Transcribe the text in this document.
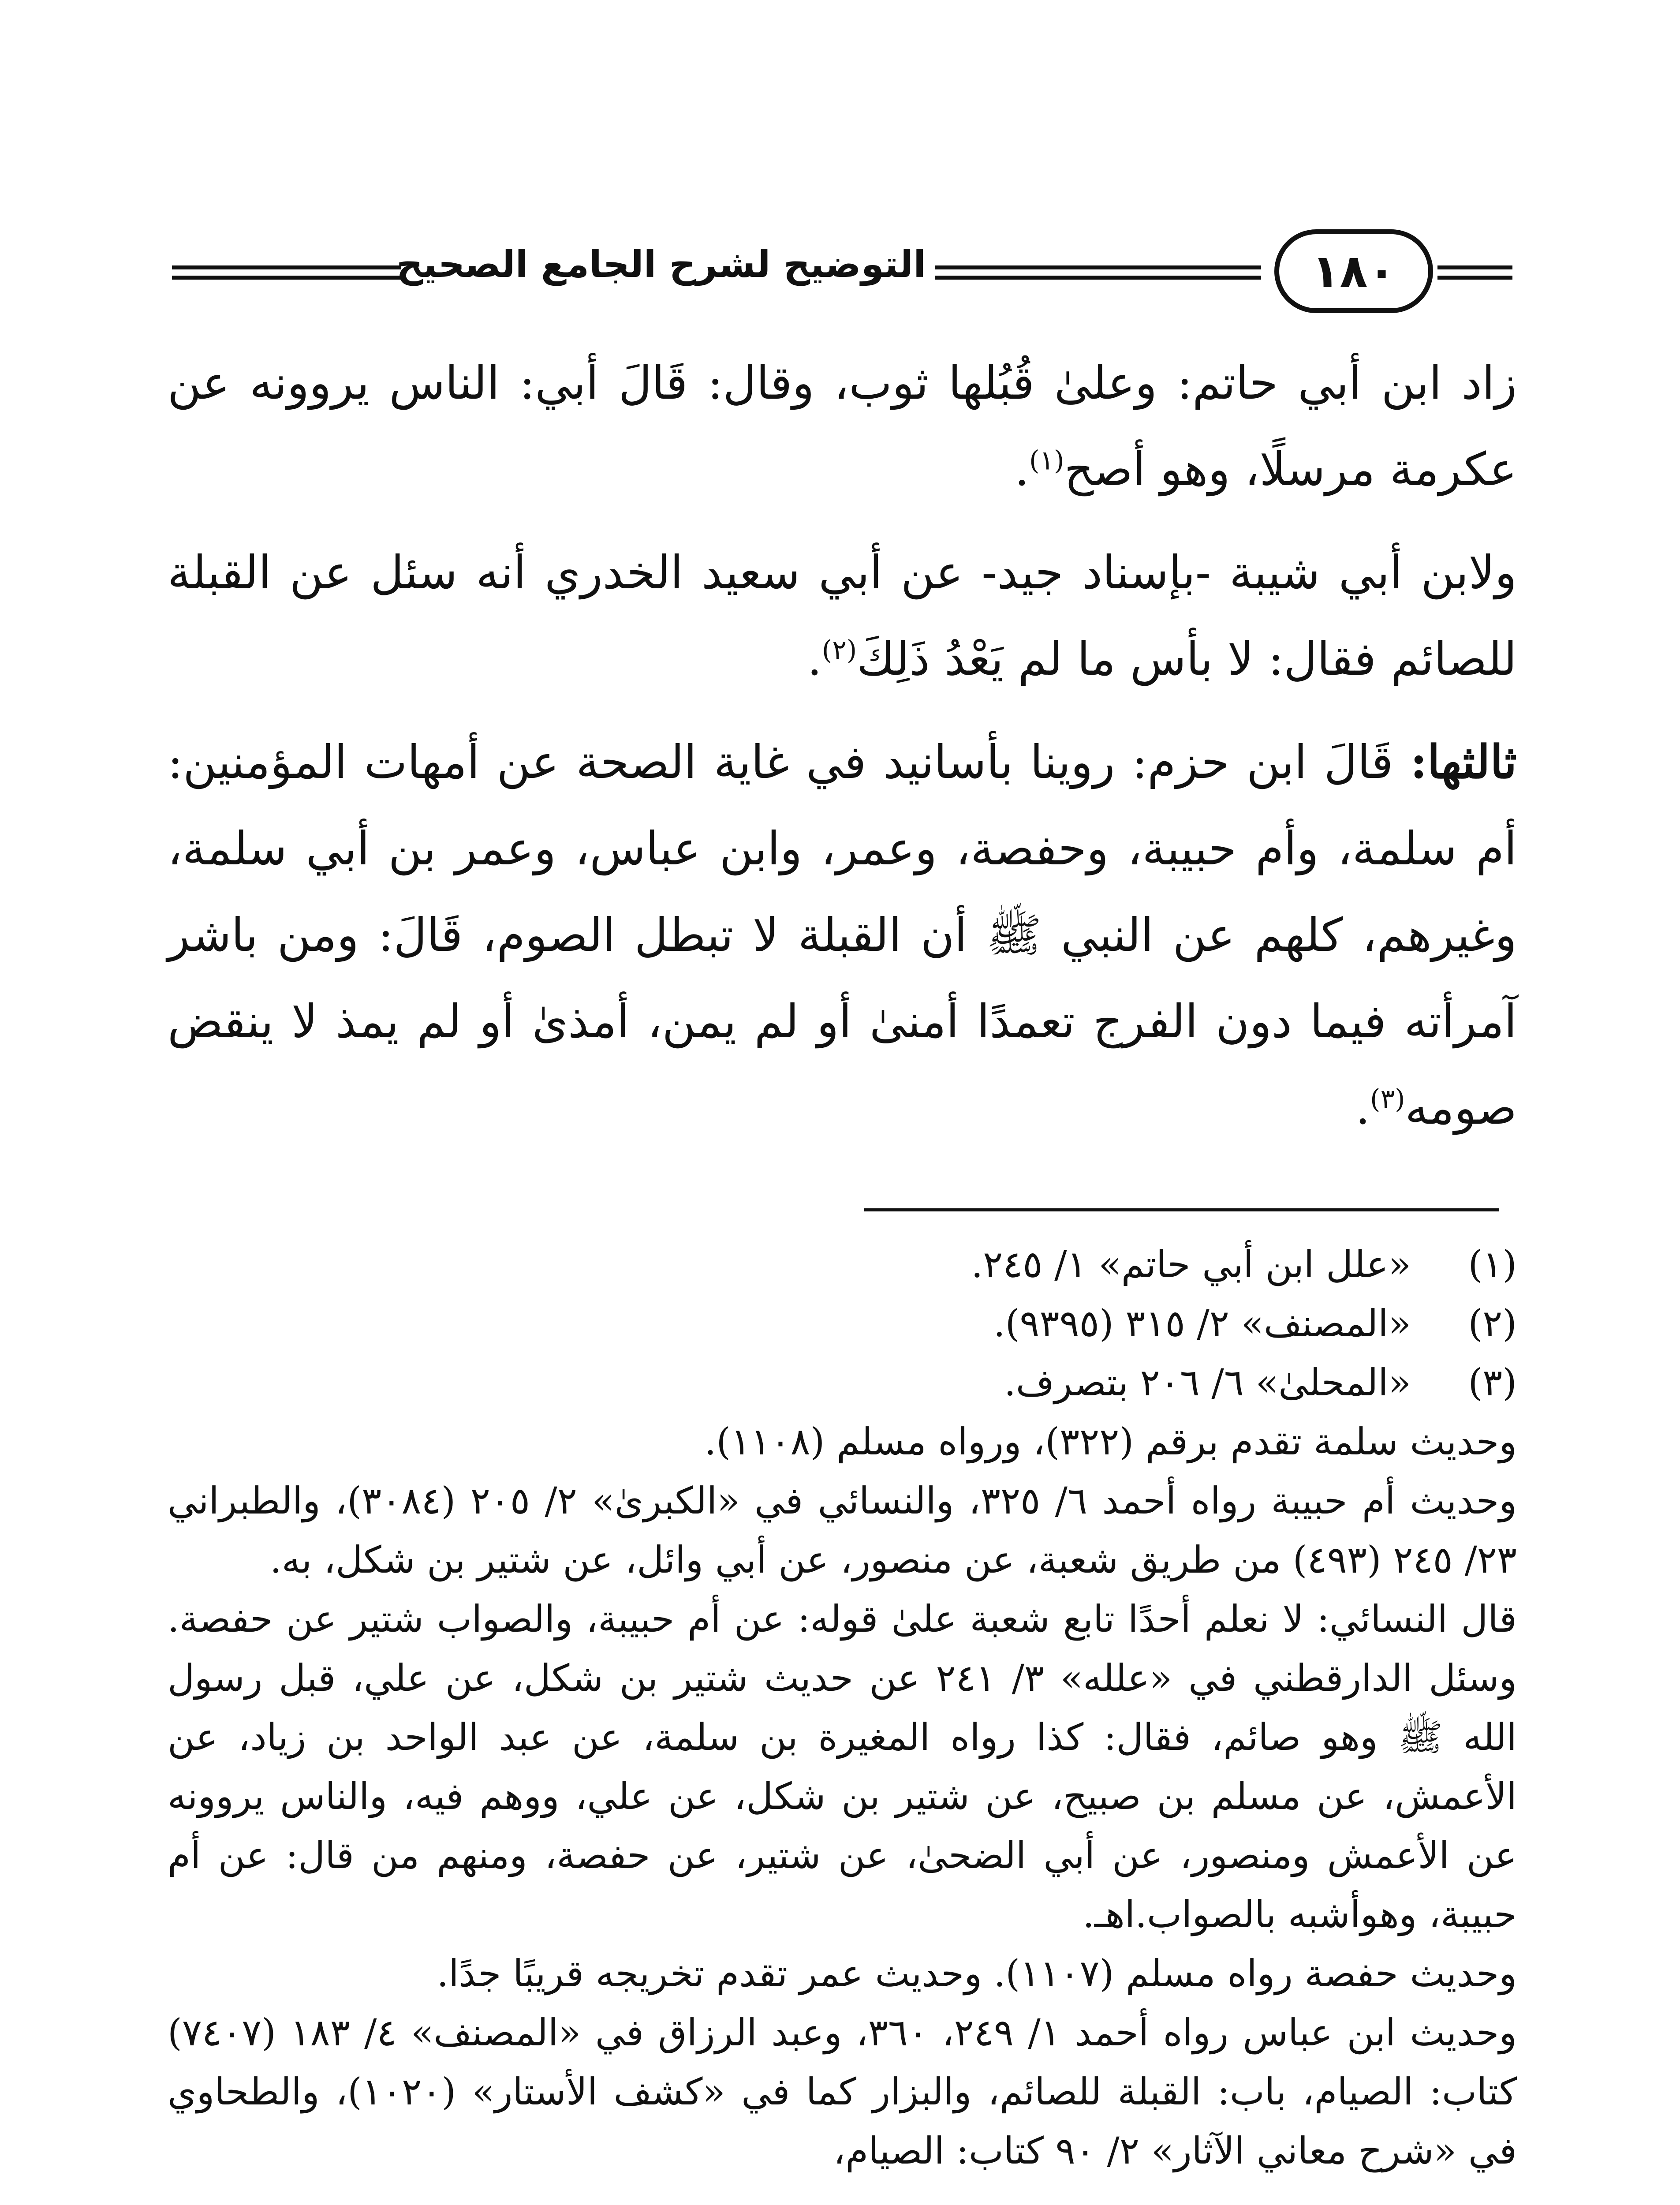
التوضيح لشرح الجامع الصحيح	١٨٠

زاد ابن أبي حاتم: وعلىٰ قُبُلها ثوب، وقال: قَالَ أبي: الناس يروونه عن عكرمة مرسلًا، وهو أصح$^{(١)}$.

ولابن أبي شيبة -بإسناد جيد- عن أبي سعيد الخدري أنه سئل عن القبلة للصائم فقال: لا بأس ما لم يَعْدُ ذَلِكَ$^{(٢)}$.

ثالثها: قَالَ ابن حزم: روينا بأسانيد في غاية الصحة عن أمهات المؤمنين: أم سلمة، وأم حبيبة، وحفصة، وعمر، وابن عباس، وعمر بن أبي سلمة، وغيرهم، كلهم عن النبي ﷺ أن القبلة لا تبطل الصوم، قَالَ: ومن باشر آمرأته فيما دون الفرج تعمدًا أمنىٰ أو لم يمن، أمذىٰ أو لم يمذ لا ينقض صومه$^{(٣)}$.

(١)
«علل ابن أبي حاتم» ١/ ٢٤٥.
(٢)
«المصنف» ٢/ ٣١٥ (٩٣٩٥).
(٣)
«المحلىٰ» ٦/ ٢٠٦ بتصرف.

وحديث سلمة تقدم برقم (٣٢٢)، ورواه مسلم (١١٠٨).

وحديث أم حبيبة رواه أحمد ٦/ ٣٢٥، والنسائي في «الكبرىٰ» ٢/ ٢٠٥ (٣٠٨٤)، والطبراني ٢٣/ ٢٤٥ (٤٩٣) من طريق شعبة، عن منصور، عن أبي وائل، عن شتير بن شكل، به.

قال النسائي: لا نعلم أحدًا تابع شعبة علىٰ قوله: عن أم حبيبة، والصواب شتير عن حفصة. وسئل الدارقطني في «علله» ٣/ ٢٤١ عن حديث شتير بن شكل، عن علي، قبل رسول الله ﷺ وهو صائم، فقال: كذا رواه المغيرة بن سلمة، عن عبد الواحد بن زياد، عن الأعمش، عن مسلم بن صبيح، عن شتير بن شكل، عن علي، ووهم فيه، والناس يروونه عن الأعمش ومنصور، عن أبي الضحىٰ، عن شتير، عن حفصة، ومنهم من قال: عن أم حبيبة، وهوأشبه بالصواب.اهـ.

وحديث حفصة رواه مسلم (١١٠٧). وحديث عمر تقدم تخريجه قريبًا جدًا.

وحديث ابن عباس رواه أحمد ١/ ٢٤٩، ٣٦٠، وعبد الرزاق في «المصنف» ٤/ ١٨٣ (٧٤٠٧) كتاب: الصيام، باب: القبلة للصائم، والبزار كما في «كشف الأستار» (١٠٢٠)، والطحاوي في «شرح معاني الآثار» ٢/ ٩٠ كتاب: الصيام،
